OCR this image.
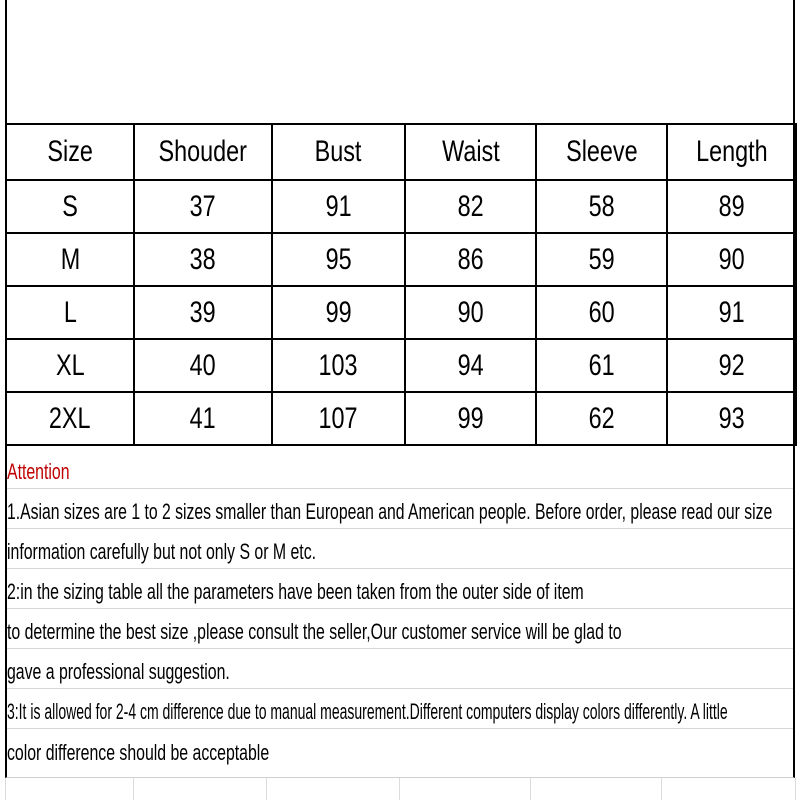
Size	Shouder	Bust	Waist	Sleeve	Length
S	37	91	82	58	89
M	38	95	86	59	90
L	39	99	90	60	91
XL	40	103	94	61	92
2XL	41	107	99	62	93
Attention
1.Asian sizes are 1 to 2 sizes smaller than European and American people. Before order, please read our size
information carefully but not only S or M etc.
2:in the sizing table all the parameters have been taken from the outer side of item
to determine the best size ,please consult the seller,Our customer service will be glad to
gave a professional suggestion.
3:It is allowed for 2-4 cm difference due to manual measurement.Different computers display colors differently. A little
color difference should be acceptable
